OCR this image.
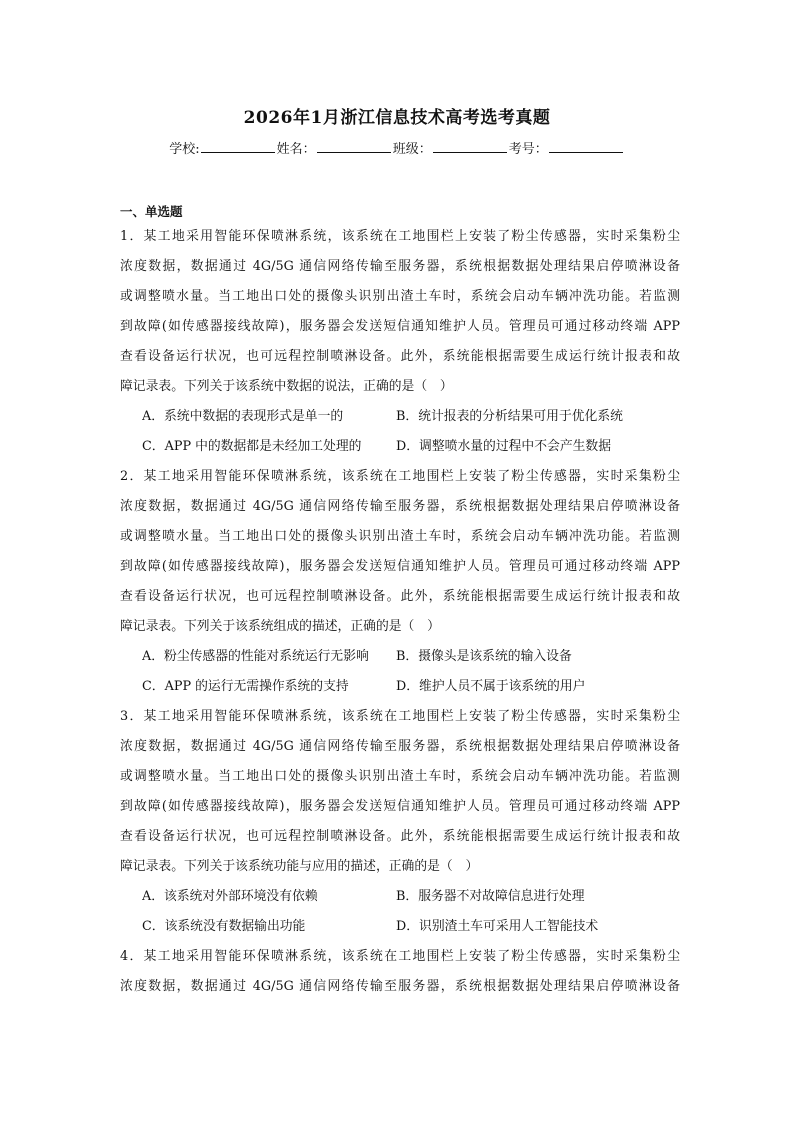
2026年1月浙江信息技术高考选考真题
学校:	姓名：	班级：	考号：
一、单选题
1．某工地采用智能环保喷淋系统，该系统在工地围栏上安装了粉尘传感器，实时采集粉尘
浓度数据，数据通过 4G/5G 通信网络传输至服务器，系统根据数据处理结果启停喷淋设备
或调整喷水量。当工地出口处的摄像头识别出渣土车时，系统会启动车辆冲洗功能。若监测
到故障(如传感器接线故障)，服务器会发送短信通知维护人员。管理员可通过移动终端 APP
查看设备运行状况，也可远程控制喷淋设备。此外，系统能根据需要生成运行统计报表和故
障记录表。下列关于该系统中数据的说法，正确的是（　）
A．系统中数据的表现形式是单一的	B．统计报表的分析结果可用于优化系统
C．APP 中的数据都是未经加工处理的	D．调整喷水量的过程中不会产生数据
2．某工地采用智能环保喷淋系统，该系统在工地围栏上安装了粉尘传感器，实时采集粉尘
浓度数据，数据通过 4G/5G 通信网络传输至服务器，系统根据数据处理结果启停喷淋设备
或调整喷水量。当工地出口处的摄像头识别出渣土车时，系统会启动车辆冲洗功能。若监测
到故障(如传感器接线故障)，服务器会发送短信通知维护人员。管理员可通过移动终端 APP
查看设备运行状况，也可远程控制喷淋设备。此外，系统能根据需要生成运行统计报表和故
障记录表。下列关于该系统组成的描述，正确的是（　）
A．粉尘传感器的性能对系统运行无影响	B．摄像头是该系统的输入设备
C．APP 的运行无需操作系统的支持	D．维护人员不属于该系统的用户
3．某工地采用智能环保喷淋系统，该系统在工地围栏上安装了粉尘传感器，实时采集粉尘
浓度数据，数据通过 4G/5G 通信网络传输至服务器，系统根据数据处理结果启停喷淋设备
或调整喷水量。当工地出口处的摄像头识别出渣土车时，系统会启动车辆冲洗功能。若监测
到故障(如传感器接线故障)，服务器会发送短信通知维护人员。管理员可通过移动终端 APP
查看设备运行状况，也可远程控制喷淋设备。此外，系统能根据需要生成运行统计报表和故
障记录表。下列关于该系统功能与应用的描述，正确的是（　）
A．该系统对外部环境没有依赖	B．服务器不对故障信息进行处理
C．该系统没有数据输出功能	D．识别渣土车可采用人工智能技术
4．某工地采用智能环保喷淋系统，该系统在工地围栏上安装了粉尘传感器，实时采集粉尘
浓度数据，数据通过 4G/5G 通信网络传输至服务器，系统根据数据处理结果启停喷淋设备
